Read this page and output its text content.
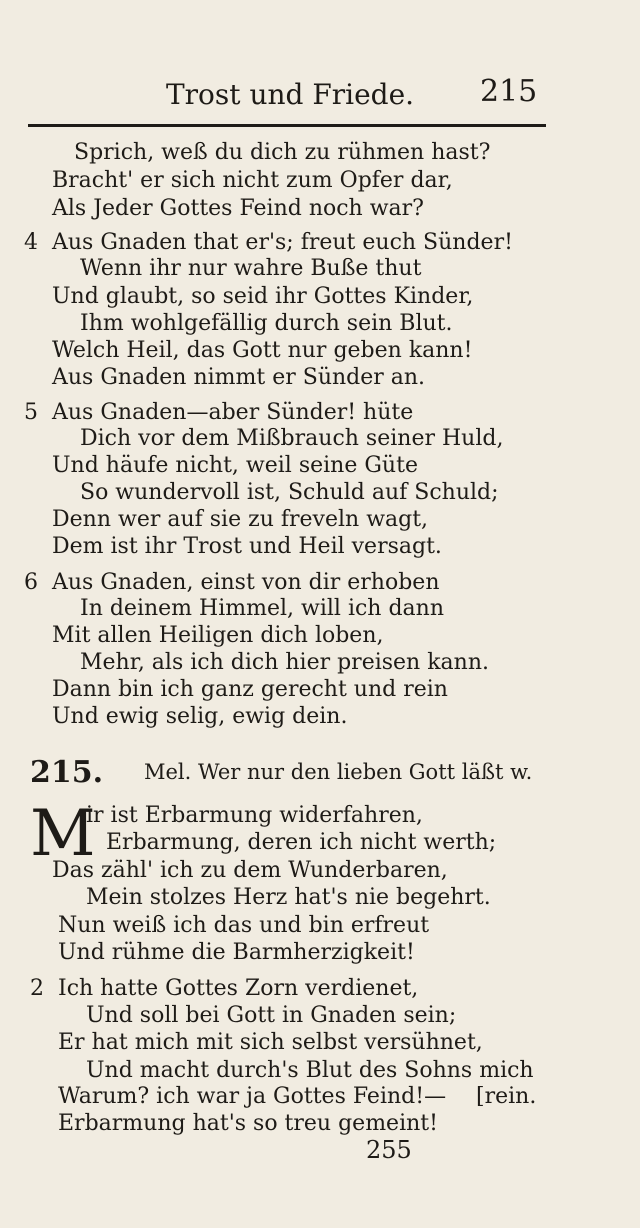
Trost und Friede. 215
Sprich, weß du dich zu rühmen hast?
Bracht' er sich nicht zum Opfer dar,
Als Jeder Gottes Feind noch war?
4 Aus Gnaden that er's; freut euch Sünder!
Wenn ihr nur wahre Buße thut
Und glaubt, so seid ihr Gottes Kinder,
Ihm wohlgefällig durch sein Blut.
Welch Heil, das Gott nur geben kann!
Aus Gnaden nimmt er Sünder an.
5 Aus Gnaden—aber Sünder! hüte
Dich vor dem Mißbrauch seiner Huld,
Und häufe nicht, weil seine Güte
So wundervoll ist, Schuld auf Schuld;
Denn wer auf sie zu freveln wagt,
Dem ist ihr Trost und Heil versagt.
6 Aus Gnaden, einst von dir erhoben
In deinem Himmel, will ich dann
Mit allen Heiligen dich loben,
Mehr, als ich dich hier preisen kann.
Dann bin ich ganz gerecht und rein
Und ewig selig, ewig dein.
215. Mel. Wer nur den lieben Gott läßt w.
M
ir ist Erbarmung widerfahren,
Erbarmung, deren ich nicht werth;
Das zähl' ich zu dem Wunderbaren,
Mein stolzes Herz hat's nie begehrt.
Nun weiß ich das und bin erfreut
Und rühme die Barmherzigkeit!
2 Ich hatte Gottes Zorn verdienet,
Und soll bei Gott in Gnaden sein;
Er hat mich mit sich selbst versühnet,
Und macht durch's Blut des Sohns mich
Warum? ich war ja Gottes Feind!— [rein.
Erbarmung hat's so treu gemeint!
255
